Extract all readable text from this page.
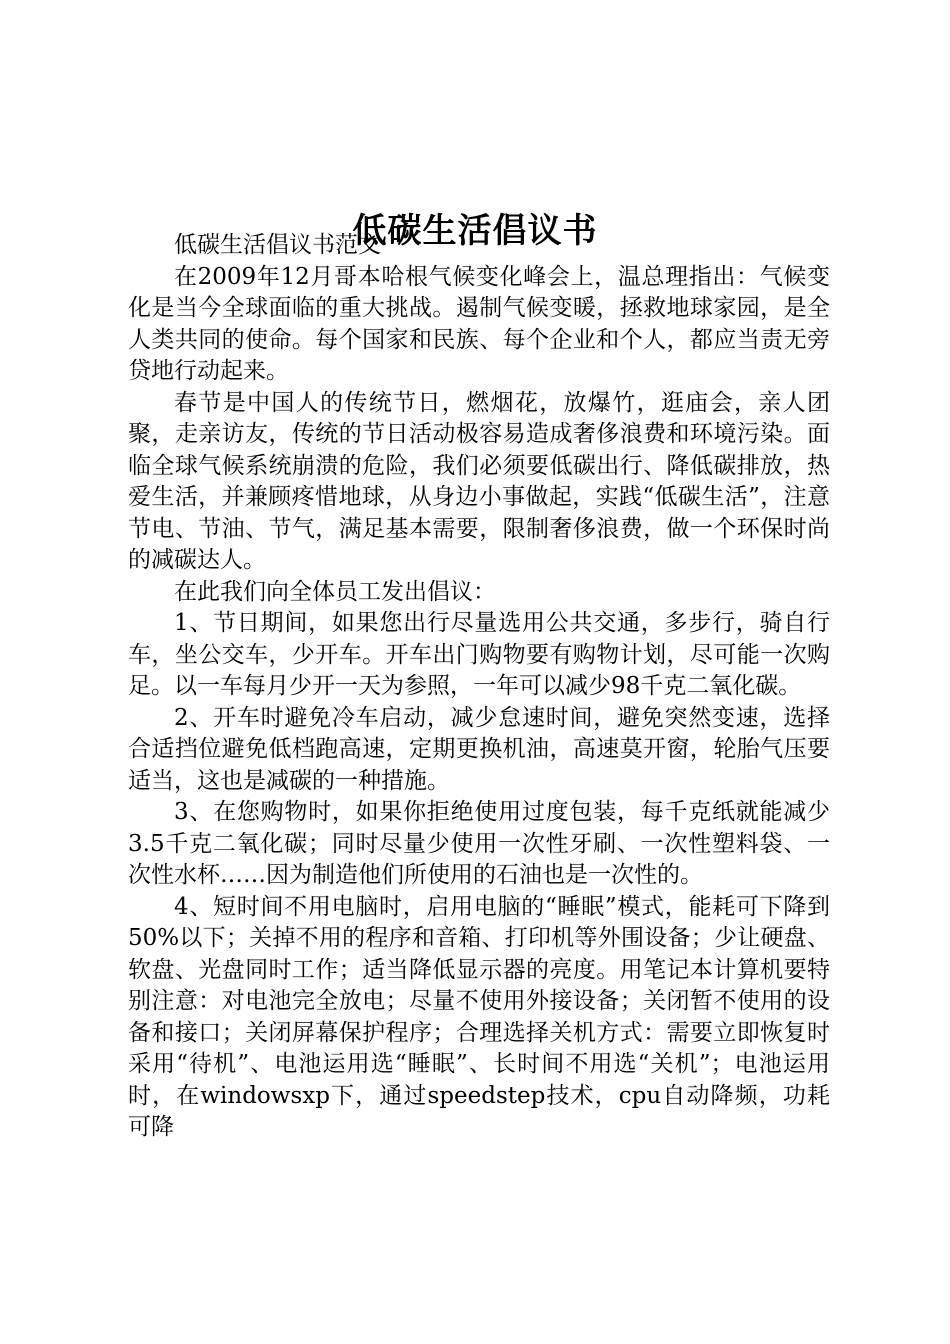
低碳生活倡议书

低碳生活倡议书范文

在2009年12月哥本哈根气候变化峰会上，温总理指出：气候变化是当今全球面临的重大挑战。遏制气候变暖，拯救地球家园，是全人类共同的使命。每个国家和民族、每个企业和个人，都应当责无旁贷地行动起来。

春节是中国人的传统节日，燃烟花，放爆竹，逛庙会，亲人团聚，走亲访友，传统的节日活动极容易造成奢侈浪费和环境污染。面临全球气候系统崩溃的危险，我们必须要低碳出行、降低碳排放，热爱生活，并兼顾疼惜地球，从身边小事做起，实践“低碳生活”，注意节电、节油、节气，满足基本需要，限制奢侈浪费，做一个环保时尚的减碳达人。

在此我们向全体员工发出倡议：

1、节日期间，如果您出行尽量选用公共交通，多步行，骑自行车，坐公交车，少开车。开车出门购物要有购物计划，尽可能一次购足。以一车每月少开一天为参照，一年可以减少98千克二氧化碳。

2、开车时避免冷车启动，减少怠速时间，避免突然变速，选择合适挡位避免低档跑高速，定期更换机油，高速莫开窗，轮胎气压要适当，这也是减碳的一种措施。

3、在您购物时，如果你拒绝使用过度包装，每千克纸就能减少3.5千克二氧化碳；同时尽量少使用一次性牙刷、一次性塑料袋、一次性水杯……因为制造他们所使用的石油也是一次性的。

4、短时间不用电脑时，启用电脑的“睡眠”模式，能耗可下降到50%以下；关掉不用的程序和音箱、打印机等外围设备；少让硬盘、软盘、光盘同时工作；适当降低显示器的亮度。用笔记本计算机要特别注意：对电池完全放电；尽量不使用外接设备；关闭暂不使用的设备和接口；关闭屏幕保护程序；合理选择关机方式：需要立即恢复时采用“待机”、电池运用选“睡眠”、长时间不用选“关机”；电池运用时，在windowsxp下，通过speedstep技术，cpu自动降频，功耗可降
